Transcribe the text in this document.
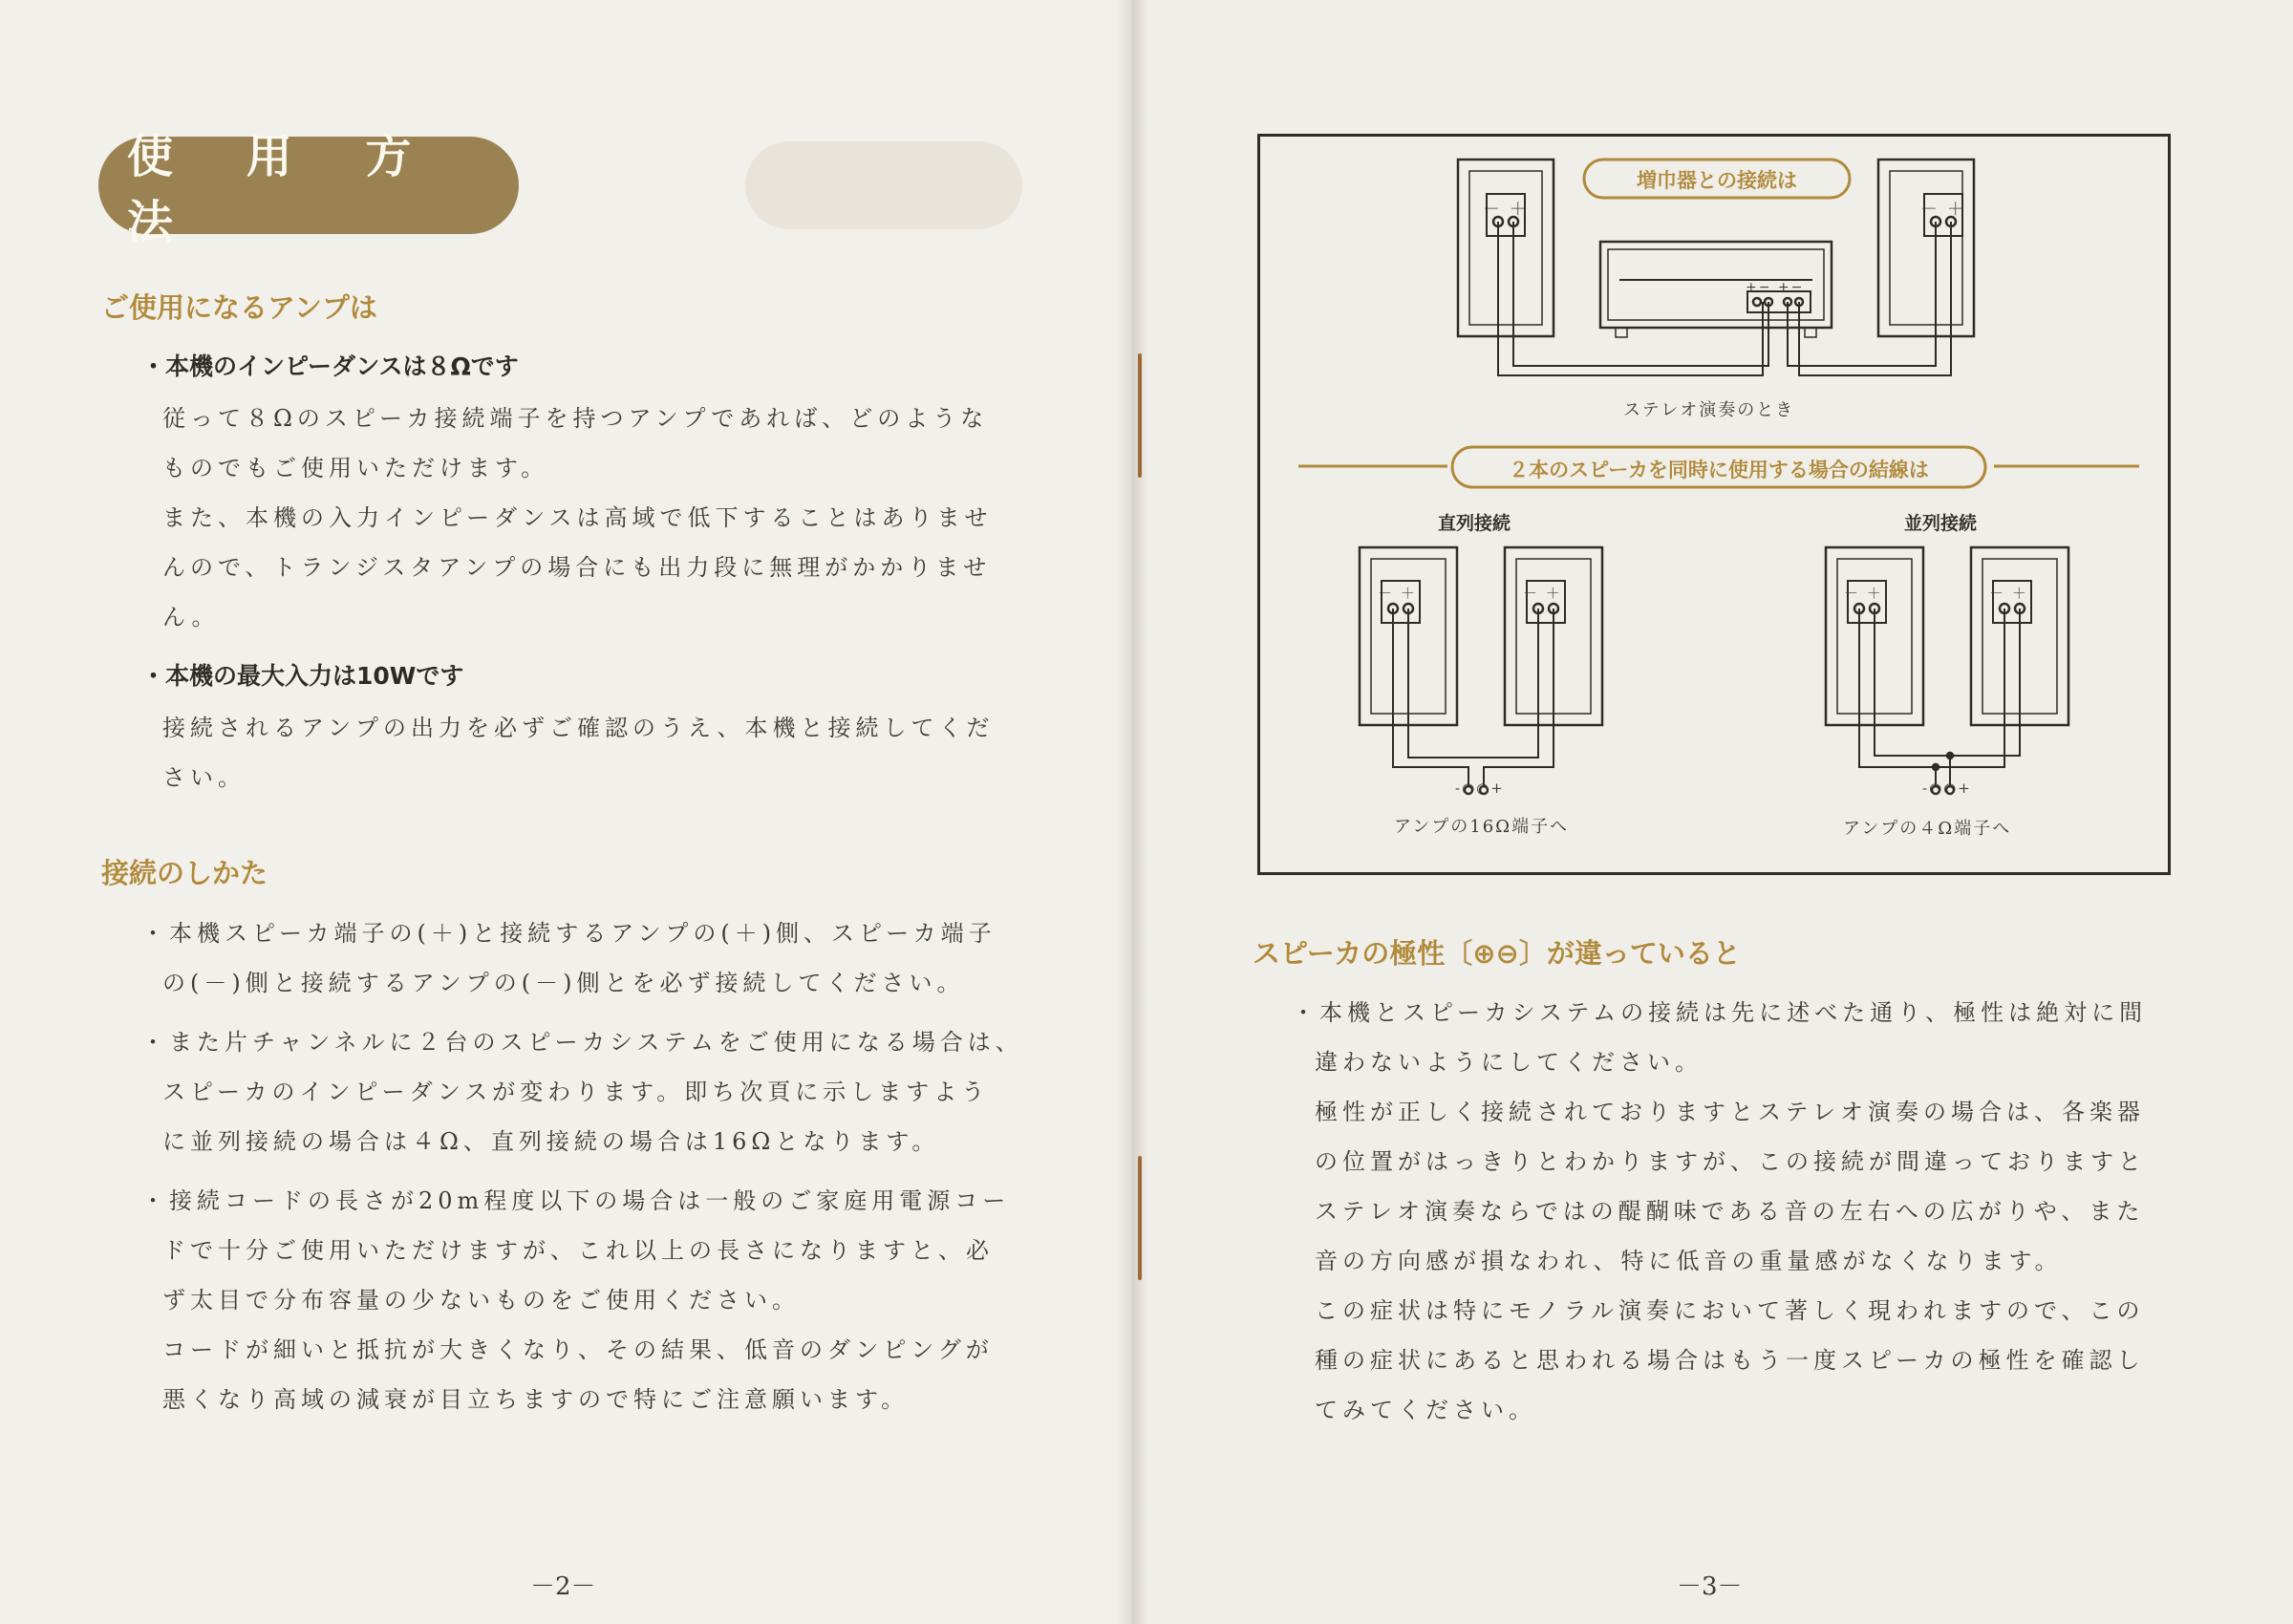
使 用 方 法
ご使用になるアンプは
・本機のインピーダンスは８Ωです
従って８Ωのスピーカ接続端子を持つアンプであれば、どのような
ものでもご使用いただけます。
また、本機の入力インピーダンスは高域で低下することはありませ
んので、トランジスタアンプの場合にも出力段に無理がかかりませ
ん。
・本機の最大入力は10Wです
接続されるアンプの出力を必ずご確認のうえ、本機と接続してくだ
さい。
接続のしかた
・本機スピーカ端子の(＋)と接続するアンプの(＋)側、スピーカ端子
の(－)側と接続するアンプの(－)側とを必ず接続してください。
・また片チャンネルに２台のスピーカシステムをご使用になる場合は、
スピーカのインピーダンスが変わります。即ち次頁に示しますよう
に並列接続の場合は４Ω、直列接続の場合は16Ωとなります。
・接続コードの長さが20m程度以下の場合は一般のご家庭用電源コー
ドで十分ご使用いただけますが、これ以上の長さになりますと、必
ず太目で分布容量の少ないものをご使用ください。
コードが細いと抵抗が大きくなり、その結果、低音のダンピングが
悪くなり高域の減衰が目立ちますので特にご注意願います。
－2－
増巾器との接続は
－ ＋	－ ＋
+− +−
ステレオ演奏のとき
２本のスピーカを同時に使用する場合の結線は
直列接続	並列接続
－ ＋	－ ＋	－ ＋	－ ＋
-○○+	-○○+
アンプの16Ω端子へ	アンプの４Ω端子へ
スピーカの極性〔⊕⊖〕が違っていると
・本機とスピーカシステムの接続は先に述べた通り、極性は絶対に間
違わないようにしてください。
極性が正しく接続されておりますとステレオ演奏の場合は、各楽器
の位置がはっきりとわかりますが、この接続が間違っておりますと
ステレオ演奏ならではの醍醐味である音の左右への広がりや、また
音の方向感が損なわれ、特に低音の重量感がなくなります。
この症状は特にモノラル演奏において著しく現われますので、この
種の症状にあると思われる場合はもう一度スピーカの極性を確認し
てみてください。
－3－
